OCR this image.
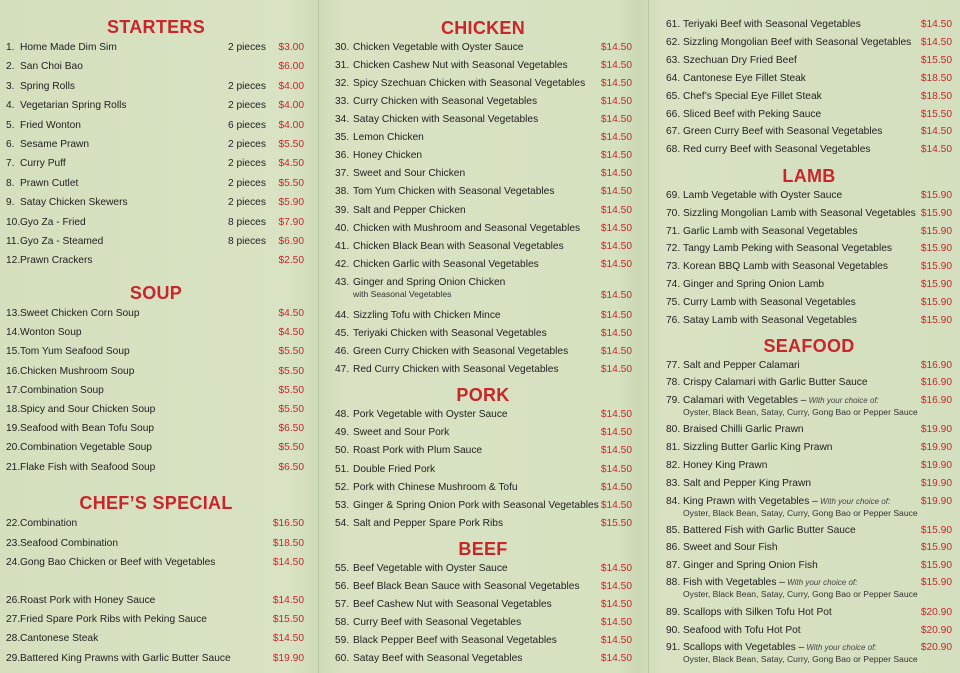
STARTERS
SOUP
CHEF’S SPECIAL
1. Home Made Dim Sim	2 pieces $3.00
2. San Choi Bao	$6.00
3. Spring Rolls	2 pieces $4.00
4. Vegetarian Spring Rolls	2 pieces $4.00
5. Fried Wonton	6 pieces $4.00
6. Sesame Prawn	2 pieces $5.50
7. Curry Puff	2 pieces $4.50
8. Prawn Cutlet	2 pieces $5.50
9. Satay Chicken Skewers	2 pieces $5.90
10. Gyo Za - Fried	8 pieces $7.90
11. Gyo Za - Steamed	8 pieces $6.90
12. Prawn Crackers	$2.50
13. Sweet Chicken Corn Soup	$4.50
14. Wonton Soup	$4.50
15. Tom Yum Seafood Soup	$5.50
16. Chicken Mushroom Soup	$5.50
17. Combination Soup	$5.50
18. Spicy and Sour Chicken Soup	$5.50
19. Seafood with Bean Tofu Soup	$6.50
20. Combination Vegetable Soup	$5.50
21. Flake Fish with Seafood Soup	$6.50
22. Combination	$16.50
23. Seafood Combination	$18.50
24. Gong Bao Chicken or Beef with Vegetables	$14.50
26. Roast Pork with Honey Sauce	$14.50
27. Fried Spare Pork Ribs with Peking Sauce	$15.50
28. Cantonese Steak	$14.50
29. Battered King Prawns with Garlic Butter Sauce	$19.90
CHICKEN
PORK
BEEF
30. Chicken Vegetable with Oyster Sauce	$14.50
31. Chicken Cashew Nut with Seasonal Vegetables	$14.50
32. Spicy Szechuan Chicken with Seasonal Vegetables $14.50
33. Curry Chicken with Seasonal Vegetables	$14.50
34. Satay Chicken with Seasonal Vegetables	$14.50
35. Lemon Chicken	$14.50
36. Honey Chicken	$14.50
37. Sweet and Sour Chicken	$14.50
38. Tom Yum Chicken with Seasonal Vegetables	$14.50
39. Salt and Pepper Chicken	$14.50
40. Chicken with Mushroom and Seasonal Vegetables $14.50
41. Chicken Black Bean with Seasonal Vegetables	$14.50
42. Chicken Garlic with Seasonal Vegetables	$14.50
43. Ginger and Spring Onion Chicken
with Seasonal Vegetables	$14.50
44. Sizzling Tofu with Chicken Mince	$14.50
45. Teriyaki Chicken with Seasonal Vegetables	$14.50
46. Green Curry Chicken with Seasonal Vegetables	$14.50
47. Red Curry Chicken with Seasonal Vegetables	$14.50
48. Pork Vegetable with Oyster Sauce	$14.50
49. Sweet and Sour Pork	$14.50
50. Roast Pork with Plum Sauce	$14.50
51. Double Fried Pork	$14.50
52. Pork with Chinese Mushroom & Tofu	$14.50
53. Ginger & Spring Onion Pork with Seasonal Vegetables $14.50
54. Salt and Pepper Spare Pork Ribs	$15.50
55. Beef Vegetable with Oyster Sauce	$14.50
56. Beef Black Bean Sauce with Seasonal Vegetables $14.50
57. Beef Cashew Nut with Seasonal Vegetables	$14.50
58. Curry Beef with Seasonal Vegetables	$14.50
59. Black Pepper Beef with Seasonal Vegetables	$14.50
60. Satay Beef with Seasonal Vegetables	$14.50
LAMB
SEAFOOD
61. Teriyaki Beef with Seasonal Vegetables	$14.50
62. Sizzling Mongolian Beef with Seasonal Vegetables $14.50
63. Szechuan Dry Fried Beef	$15.50
64. Cantonese Eye Fillet Steak	$18.50
65. Chef’s Special Eye Fillet Steak	$18.50
66. Sliced Beef with Peking Sauce	$15.50
67. Green Curry Beef with Seasonal Vegetables	$14.50
68. Red curry Beef with Seasonal Vegetables	$14.50
69. Lamb Vegetable with Oyster Sauce	$15.90
70. Sizzling Mongolian Lamb with Seasonal Vegetables $15.90
71. Garlic Lamb with Seasonal Vegetables	$15.90
72. Tangy Lamb Peking with Seasonal Vegetables	$15.90
73. Korean BBQ Lamb with Seasonal Vegetables	$15.90
74. Ginger and Spring Onion Lamb	$15.90
75. Curry Lamb with Seasonal Vegetables	$15.90
76. Satay Lamb with Seasonal Vegetables	$15.90
77. Salt and Pepper Calamari	$16.90
78. Crispy Calamari with Garlic Butter Sauce	$16.90
79. Calamari with Vegetables – With your choice of:
Oyster, Black Bean, Satay, Curry, Gong Bao or Pepper Sauce
$16.90
80. Braised Chilli Garlic Prawn	$19.90
81. Sizzling Butter Garlic King Prawn	$19.90
82. Honey King Prawn	$19.90
83. Salt and Pepper King Prawn	$19.90
84. King Prawn with Vegetables – With your choice of:
Oyster, Black Bean, Satay, Curry, Gong Bao or Pepper Sauce
$19.90
85. Battered Fish with Garlic Butter Sauce	$15.90
86. Sweet and Sour Fish	$15.90
87. Ginger and Spring Onion Fish	$15.90
88. Fish with Vegetables – With your choice of:
Oyster, Black Bean, Satay, Curry, Gong Bao or Pepper Sauce
$15.90
89. Scallops with Silken Tofu Hot Pot	$20.90
90. Seafood with Tofu Hot Pot	$20.90
91. Scallops with Vegetables – With your choice of:
Oyster, Black Bean, Satay, Curry, Gong Bao or Pepper Sauce
$20.90
